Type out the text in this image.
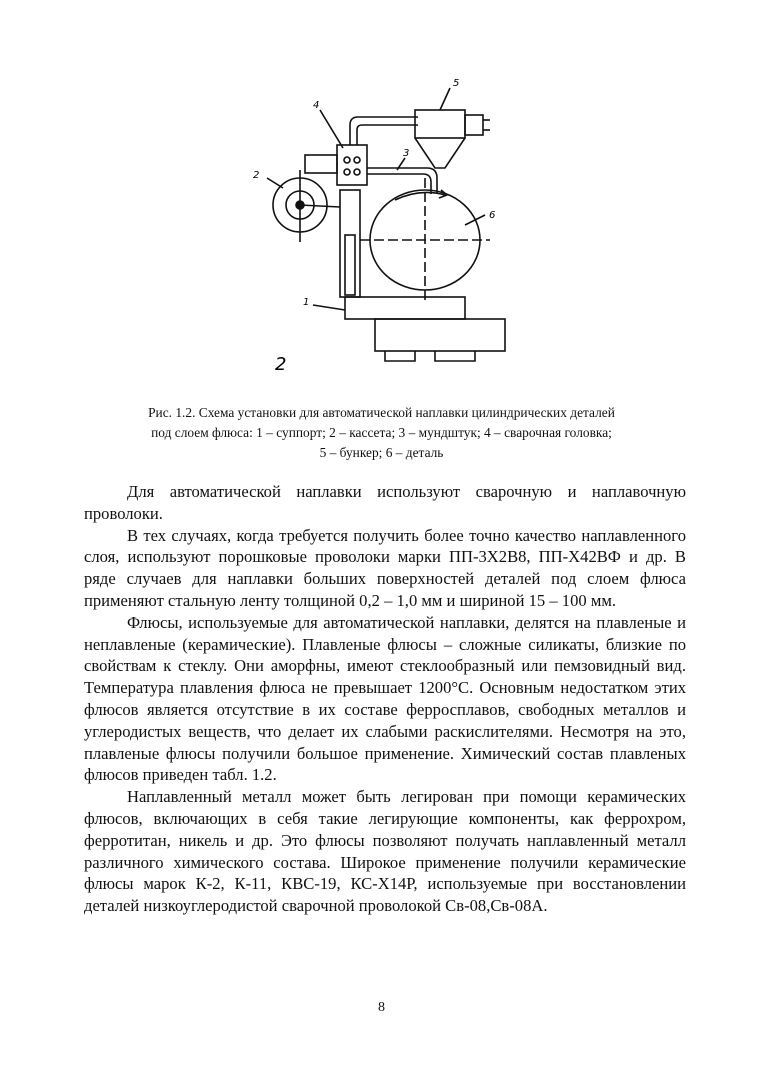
4
5
3
6
2
1
2
Рис. 1.2. Схема установки для автоматической наплавки цилиндрических деталей
под слоем флюса: 1 – суппорт; 2 – кассета; 3 – мундштук; 4 – сварочная головка;
5 – бункер; 6 – деталь

Для автоматической наплавки используют сварочную и наплавочную проволоки.

В тех случаях, когда требуется получить более точно качество наплавленного слоя, используют порошковые проволоки марки ПП-3Х2В8, ПП-Х42ВФ и др. В ряде случаев для наплавки больших поверхностей деталей под слоем флюса применяют стальную ленту толщиной 0,2 – 1,0 мм и шириной 15 – 100 мм.

Флюсы, используемые для автоматической наплавки, делятся на плавленые и неплавленые (керамические). Плавленые флюсы – сложные силикаты, близкие по свойствам к стеклу. Они аморфны, имеют стеклообразный или пемзовидный вид. Температура плавления флюса не превышает 1200°С. Основным недостатком этих флюсов является отсутствие в их составе ферросплавов, свободных металлов и углеродистых веществ, что делает их слабыми раскислителями. Несмотря на это, плавленые флюсы получили большое применение. Химический состав плавленых флюсов приведен табл. 1.2.

Наплавленный металл может быть легирован при помощи керамических флюсов, включающих в себя такие легирующие компоненты, как феррохром, ферротитан, никель и др. Это флюсы позволяют получать наплавленный металл различного химического состава. Широкое применение получили керамические флюсы марок К-2, К-11, КВС-19, КС-Х14Р, используемые при восстановлении деталей низкоуглеродистой сварочной проволокой Св-08,Св-08А.

8
